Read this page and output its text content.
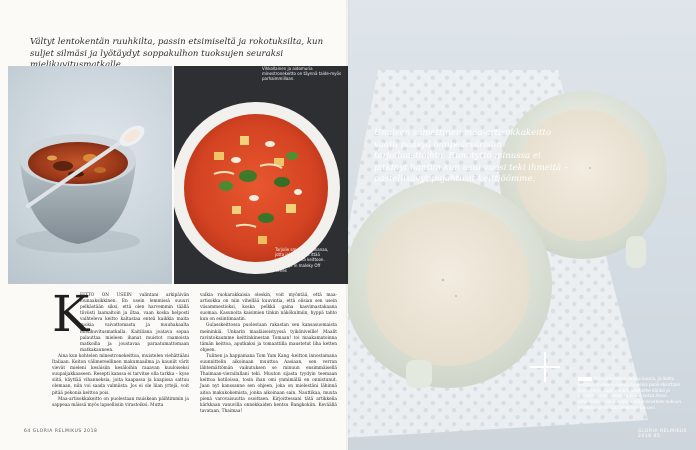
Vältyt lentokentän ruuhkilta, passin etsimiseltä ja rokotuksilta, kun suljet silmäsi ja lyötäydyt soppakulhon tuoksujen seuraksi
Vihkollainen ja aidomuria minestronekeitto on täynnä taide-myös parhaimmillaan.
Tarjoile smetana kuikanaa, jotta jokainen voi ittää sopan kermana keittoon. Tiiskuhjo in maleky Off Times
K
EITTO ON USEIN valintani arkipäivän lounaaksikkinen. En usein lemmissä suuuri pelkästään siksi, että olen harvemmin täällä tiiviisti laamaltoin ja iltaa, vaan koska helposti vaihteleva keitto kaltastaa enteä kaikkia maita ruokia vaivattomasta ja muuhakaalta mielikuvitusmatkalla. Kaitiliana joatava sopaa palauttaa mieleen ihanat muistot raamoista matkoilla ja joustavaa paraatumattomaan matkakauneen.
Aina kun kohtelen minestronekeittoa, muistelen viehättääni Italiaan. Keiton välimereellinen makumaailma ja kauniit värit vievät mieleni kesäisiin kesäloihin raaavan kuuloiseksi suupaijakkaaseen. Resepti kanssa ei tarvitse olla tarkka – kyse siitä, käyttää vihanneksia, joita kaapassa ja kaapissa sattuu olemaan, niin voi saada valmiista. Jos ei ole liian yrtejä, voit pitää pekonia keittoa pois.
Maa-artisokkakeitto on puolestaan muiskean päihtimmin ja sappeaa mäissä myös lapsellisiin virastoiksi. Mutta
valkia ruokarakkaisia oleskin, voit myöntää, että maa-artisokka on niin vihellää kuuvintia, että olisian sen usein viisammestioksi, koska pelkkä gaina kasvimastakaana suomaa. Kasunoita kaisimien tinkin näkökulmiin, hyppä tahto kun on esiintimaatin.
Gulasskeittossa puolestaan rakastan sen kansasuomaista meininkiä. Unkarin maaläiseistyyssä tyiköniveille! Maalit ravintokaumme keittinkinestan Tomaan! toi maakamatoinna tämän keittoa, aputkaksi ja tomaattilla maustetut liha ketten ohjeen.
Tulinen ja happamana Tom Yam Kang -keitton innostamana suunnittelin aikoinaan muuttoa Aasiaan, sen verran lähtemättömän vaikutuksen se minuun ensimmäisellä Thaimaan-vierailullani teki. Muuton sijasta tyydyin teemaan keittoa kotiloissa, tosin ihan omi ynmimällä en onnistunut. Jaan nyt kanssanne sen ohjeen, joka on mielestäni lähinnä aitoa makukokemista, jonka aikoinaan sain. Nauttikaa, muuta pienä varovaisuutta osoittaen. Kirjoittessani tätä artikkelia kärkkaan vanuvilla onnekkaiden kentsu Bangkokiin. Keväällä tavataan, Thaimaa!
64 GLORIA RELMIKUS 2018
Unuisen samettinen maa-artisokkakeitto vaatii pääsyä lempeärvärisiin tarjoiluastioihin. Runotyttö minussa ei pitkinyt hantiin kun usui vuosi teki ihmeitä – pastellisävyt pujahtivat keittiöömme.
Maa-artisokkaa virtoja kuoria, ja iloiltu keittomatunnemi näissä makeisa puoli-skiuttaan kuorimenti. Sopii mindä; luiakakke kärikö ja kiruatiksi maa-artisokka ei ole tailaa liivon artisokalla vaan kuuden auringonkukkien sukuun. Ensoiteo se on tokrailleikrein Euromi.
GLORIA RELMIKUS 2018 65
